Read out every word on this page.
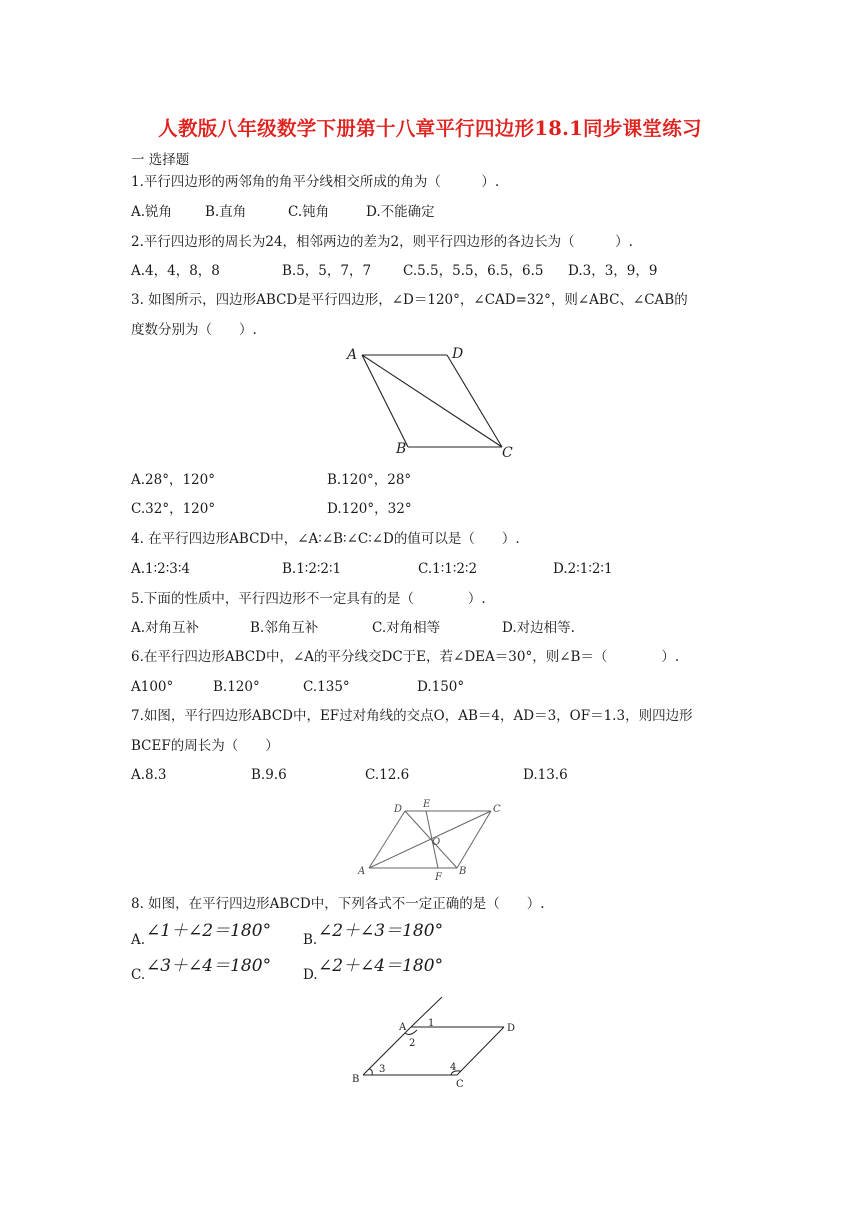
人教版八年级数学下册第十八章平行四边形18.1同步课堂练习
一 选择题
1.平行四边形的两邻角的角平分线相交所成的角为（　　　）.
A.锐角 B.直角	C.钝角	D.不能确定
2.平行四边形的周长为24，相邻两边的差为2，则平行四边形的各边长为（　　　）.
A.4，4，8，8	B.5，5，7，7 C.5.5，5.5，6.5，6.5 D.3，3，9，9
3. 如图所示，四边形ABCD是平行四边形，∠D＝120°，∠CAD=32°，则∠ABC、∠CAB的
度数分别为（　　）.
A	D
B	C
A.28°，120°	B.120°，28°
C.32°，120°	D.120°，32°
4. 在平行四边形ABCD中，∠A∶∠B∶∠C∶∠D的值可以是（　　）.
A.1∶2∶3∶4	B.1∶2∶2∶1	C.1∶1∶2∶2	D.2∶1∶2∶1
5.下面的性质中，平行四边形不一定具有的是（　　　　）.
A.对角互补	B.邻角互补	C.对角相等	D.对边相等.
6.在平行四边形ABCD中，∠A的平分线交DC于E，若∠DEA＝30°，则∠B＝（　　　　）.
A100°	B.120°	C.135°	D.150°
7.如图，平行四边形ABCD中，EF过对角线的交点O，AB＝4，AD＝3，OF＝1.3，则四边形
BCEF的周长为（　　）
A.8.3	B.9.6	C.12.6	D.13.6
D E	C
O
A
F
B
8. 如图，在平行四边形ABCD中，下列各式不一定正确的是（　　）.
A. ∠1＋∠2＝180° B. ∠2＋∠3＝180°
C. ∠3＋∠4＝180° D. ∠2＋∠4＝180°
A 1
2
D
B
3	4
C
